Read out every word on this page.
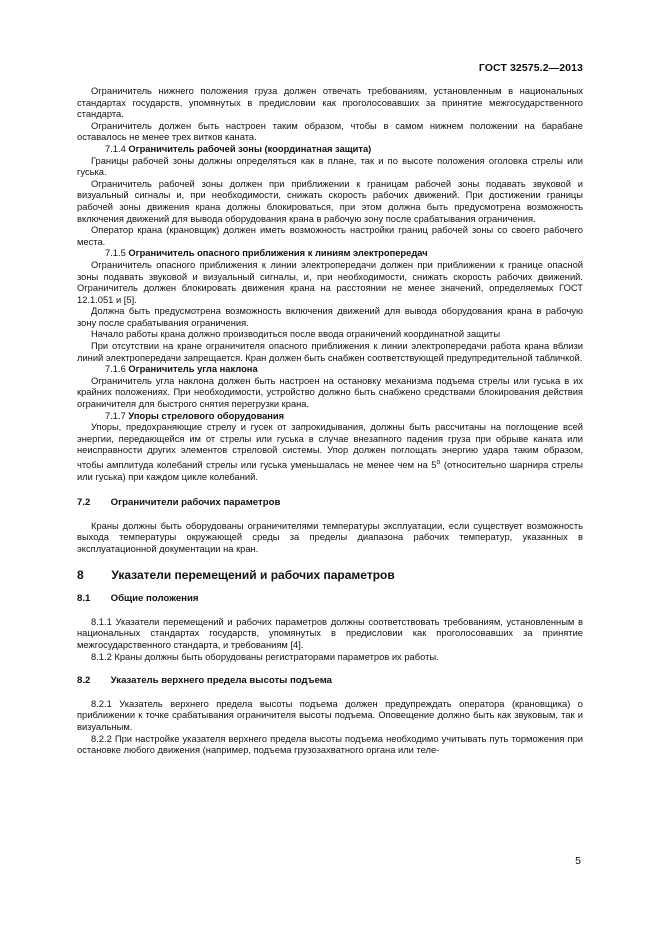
ГОСТ 32575.2—2013

Ограничитель нижнего положения груза должен отвечать требованиям, установленным в национальных стандартах государств, упомянутых в предисловии как проголосовавших за принятие межгосударственного стандарта.

Ограничитель должен быть настроен таким образом, чтобы в самом нижнем положении на барабане оставалось не менее трех витков каната.

7.1.4 Ограничитель рабочей зоны (координатная защита)

Границы рабочей зоны должны определяться как в плане, так и по высоте положения оголовка стрелы или гуська.

Ограничитель рабочей зоны должен при приближении к границам рабочей зоны подавать звуковой и визуальный сигналы и, при необходимости, снижать скорость рабочих движений. При достижении границы рабочей зоны движения крана должны блокироваться, при этом должна быть предусмотрена возможность включения движений для вывода оборудования крана в рабочую зону после срабатывания ограничения.

Оператор крана (крановщик) должен иметь возможность настройки границ рабочей зоны со своего рабочего места.

7.1.5 Ограничитель опасного приближения к линиям электропередач

Ограничитель опасного приближения к линии электропередачи должен при приближении к границе опасной зоны подавать звуковой и визуальный сигналы, и, при необходимости, снижать скорость рабочих движений. Ограничитель должен блокировать движения крана на расстоянии не менее значений, определяемых ГОСТ 12.1.051 и [5].

Должна быть предусмотрена возможность включения движений для вывода оборудования крана в рабочую зону после срабатывания ограничения.

Начало работы крана должно производиться после ввода ограничений координатной защиты

При отсутствии на кране ограничителя опасного приближения к линии электропередачи работа крана вблизи линий электропередачи запрещается. Кран должен быть снабжен соответствующей предупредительной табличкой.

7.1.6 Ограничитель угла наклона

Ограничитель угла наклона должен быть настроен на остановку механизма подъема стрелы или гуська в их крайних положениях. При необходимости, устройство должно быть снабжено средствами блокирования действия ограничителя для быстрого снятия перегрузки крана.

7.1.7 Упоры стрелового оборудования

Упоры, предохраняющие стрелу и гусек от запрокидывания, должны быть рассчитаны на поглощение всей энергии, передающейся им от стрелы или гуська в случае внезапного падения груза при обрыве каната или неисправности других элементов стреловой системы. Упор должен поглощать энергию удара таким образом, чтобы амплитуда колебаний стрелы или гуська уменьшалась не менее чем на $5^о$ (относительно шарнира стрелы или гуська) при каждом цикле колебаний.

7.2 Ограничители рабочих параметров

Краны должны быть оборудованы ограничителями температуры эксплуатации, если существует возможность выхода температуры окружающей среды за пределы диапазона рабочих температур, указанных в эксплуатационной документации на кран.

8 Указатели перемещений и рабочих параметров

8.1 Общие положения

8.1.1 Указатели перемещений и рабочих параметров должны соответствовать требованиям, установленным в национальных стандартах государств, упомянутых в предисловии как проголосовавших за принятие межгосударственного стандарта, и требованиям [4].

8.1.2 Краны должны быть оборудованы регистраторами параметров их работы.

8.2 Указатель верхнего предела высоты подъема

8.2.1 Указатель верхнего предела высоты подъема должен предупреждать оператора (крановщика) о приближении к точке срабатывания ограничителя высоты подъема. Оповещение должно быть как звуковым, так и визуальным.

8.2.2 При настройке указателя верхнего предела высоты подъема необходимо учитывать путь торможения при остановке любого движения (например, подъема грузозахватного органа или теле-

5
